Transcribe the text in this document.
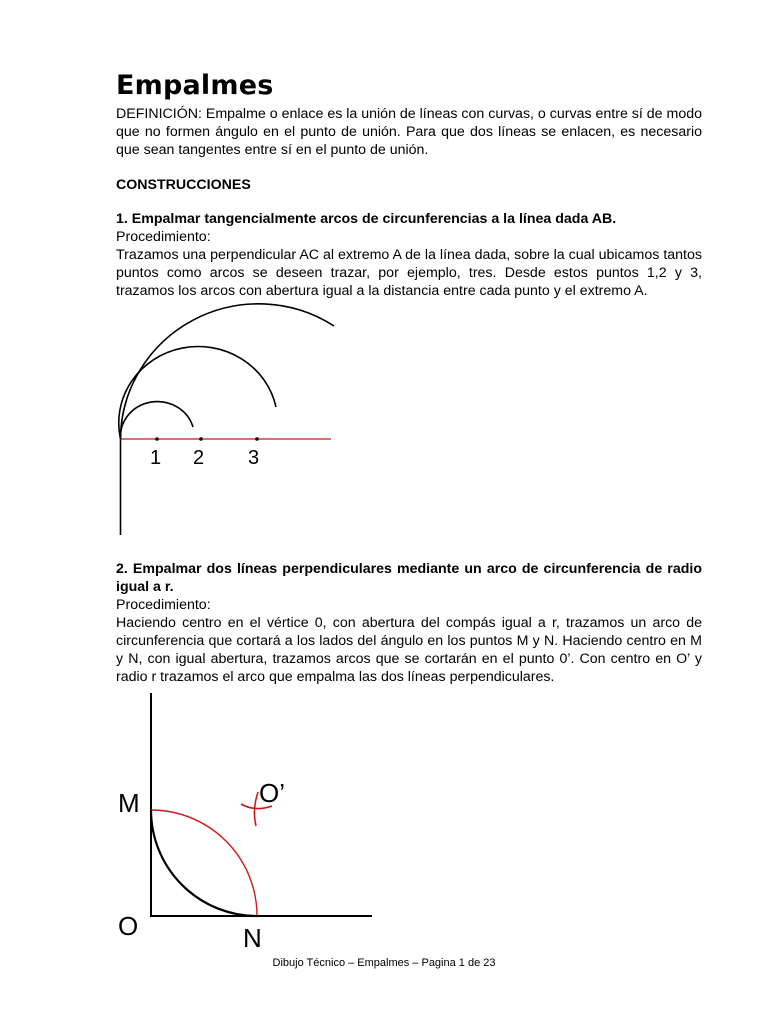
Empalmes
DEFINICIÓN: Empalme o enlace es la unión de líneas con curvas, o curvas entre sí de modo que no formen ángulo en el punto de unión. Para que dos líneas se enlacen, es necesario que sean tangentes entre sí en el punto de unión.
CONSTRUCCIONES
1. Empalmar tangencialmente arcos de circunferencias a la línea dada AB.
Procedimiento:
Trazamos una perpendicular AC al extremo A de la línea dada, sobre la cual ubicamos tantos puntos como arcos se deseen trazar, por ejemplo, tres. Desde estos puntos 1,2 y 3, trazamos los arcos con abertura igual a la distancia entre cada punto y el extremo A.
1 2 3
2. Empalmar dos líneas perpendiculares mediante un arco de circunferencia de radio igual a r.
Procedimiento:
Haciendo centro en el vértice 0, con abertura del compás igual a r, trazamos un arco de circunferencia que cortará a los lados del ángulo en los puntos M y N. Haciendo centro en M y N, con igual abertura, trazamos arcos que se cortarán en el punto 0’. Con centro en O’ y radio r trazamos el arco que empalma las dos líneas perpendiculares.
M	O’
O	N
Dibujo Técnico – Empalmes – Pagina 1 de 23
